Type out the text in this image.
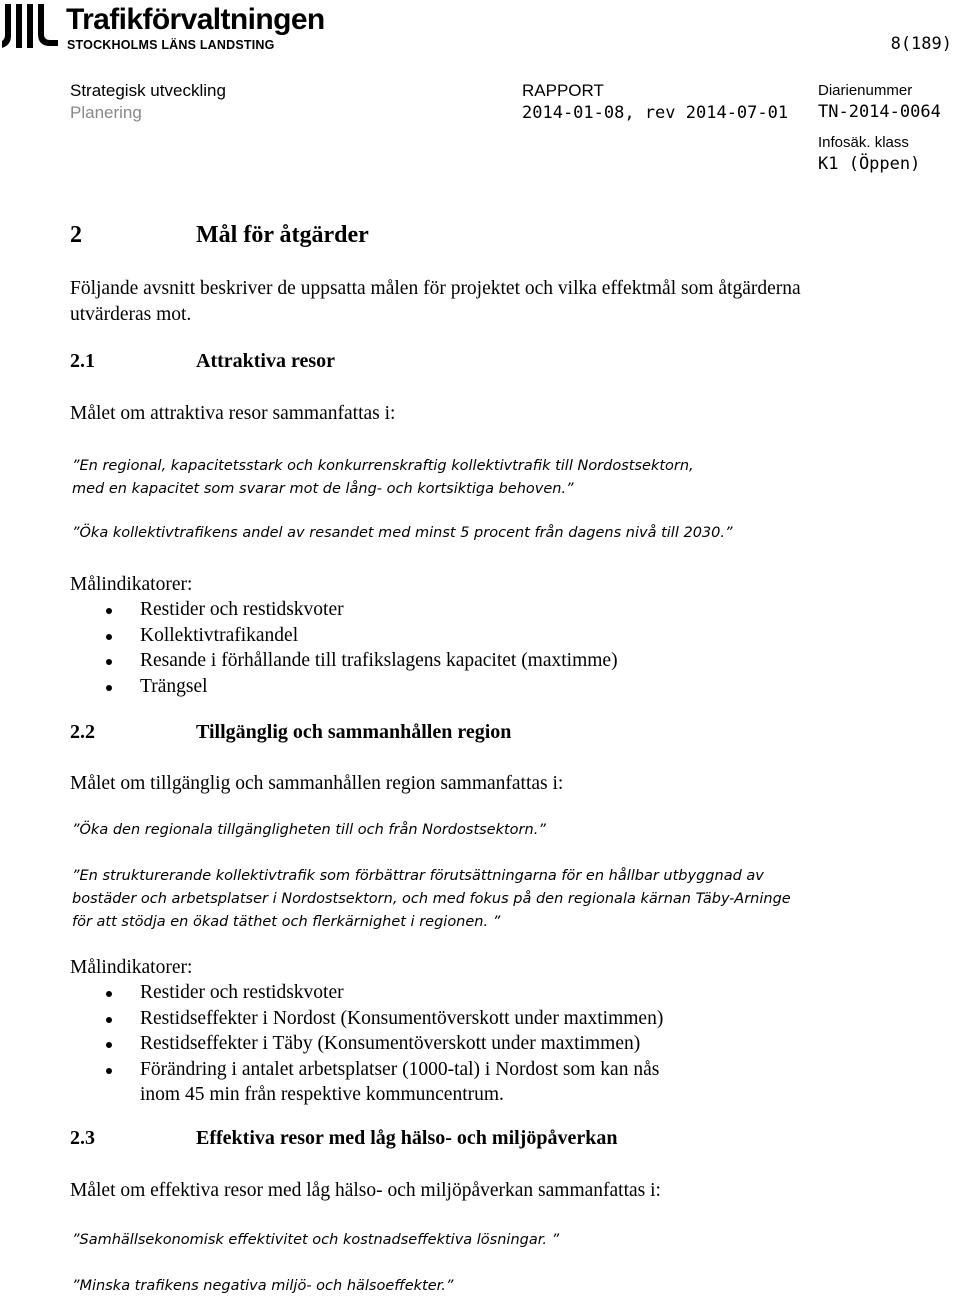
Trafikförvaltningen
STOCKHOLMS LÄNS LANDSTING	8(189)
Strategisk utveckling
Planering
RAPPORT
2014-01-08, rev 2014-07-01
Diarienummer
TN-2014-0064
Infosäk. klass
K1 (Öppen)
2	Mål för åtgärder
Följande avsnitt beskriver de uppsatta målen för projektet och vilka effektmål som åtgärderna utvärderas mot.
2.1	Attraktiva resor
Målet om attraktiva resor sammanfattas i:
”En regional, kapacitetsstark och konkurrenskraftig kollektivtrafik till Nordostsektorn,
med en kapacitet som svarar mot de lång- och kortsiktiga behoven.”
”Öka kollektivtrafikens andel av resandet med minst 5 procent från dagens nivå till 2030.”
Målindikatorer:
Restider och restidskvoter
Kollektivtrafikandel
Resande i förhållande till trafikslagens kapacitet (maxtimme)
Trängsel
2.2	Tillgänglig och sammanhållen region
Målet om tillgänglig och sammanhållen region sammanfattas i:
”Öka den regionala tillgängligheten till och från Nordostsektorn.”
”En strukturerande kollektivtrafik som förbättrar förutsättningarna för en hållbar utbyggnad av
bostäder och arbetsplatser i Nordostsektorn, och med fokus på den regionala kärnan Täby-Arninge
för att stödja en ökad täthet och flerkärnighet i regionen. ”
Målindikatorer:
Restider och restidskvoter
Restidseffekter i Nordost (Konsumentöverskott under maxtimmen)
Restidseffekter i Täby (Konsumentöverskott under maxtimmen)
Förändring i antalet arbetsplatser (1000-tal) i Nordost som kan nås
inom 45 min från respektive kommuncentrum.
2.3	Effektiva resor med låg hälso- och miljöpåverkan
Målet om effektiva resor med låg hälso- och miljöpåverkan sammanfattas i:
”Samhällsekonomisk effektivitet och kostnadseffektiva lösningar. ”
”Minska trafikens negativa miljö- och hälsoeffekter.”
